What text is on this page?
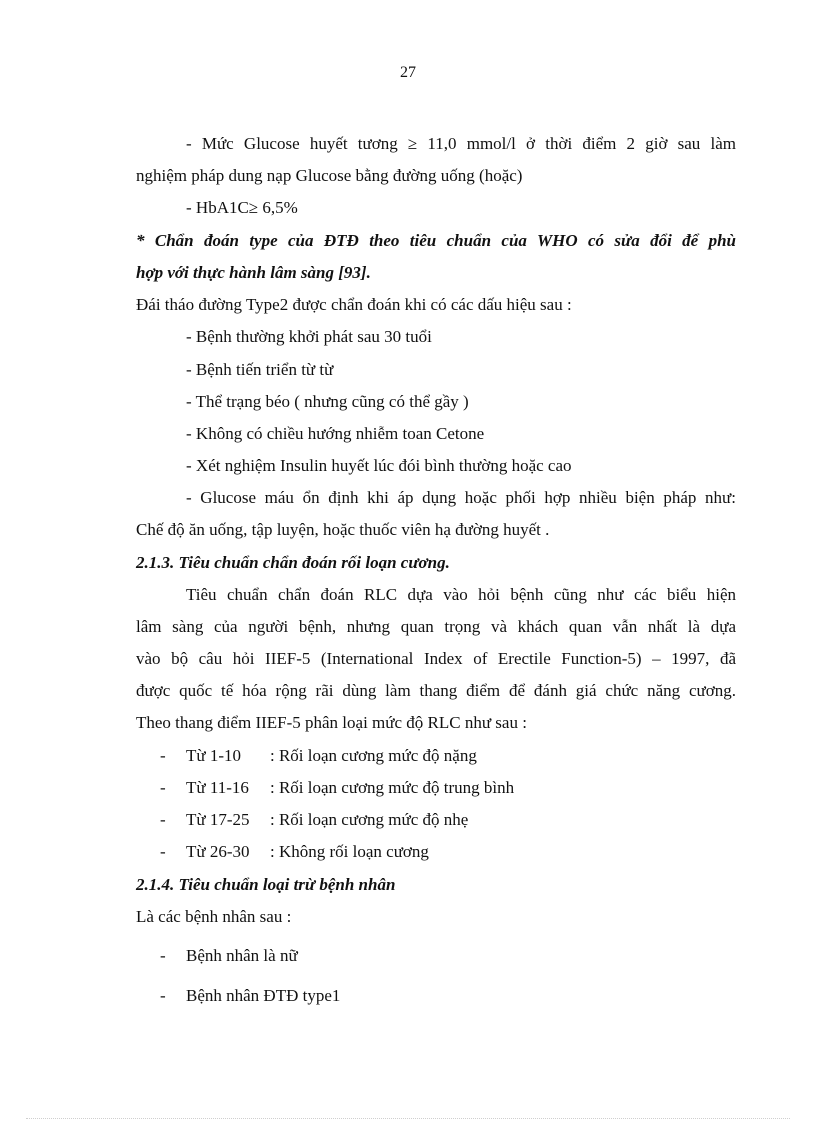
27
- Mức Glucose huyết tương ≥ 11,0 mmol/l ở thời điểm 2 giờ sau làm
nghiệm pháp dung nạp Glucose bằng đường uống (hoặc)
- HbA1C≥ 6,5%
* Chẩn đoán type của ĐTĐ theo tiêu chuẩn của WHO có sửa đổi để phù
hợp với thực hành lâm sàng [93].
Đái tháo đường Type2 được chẩn đoán khi có các dấu hiệu sau :
- Bệnh thường khởi phát sau 30 tuổi
- Bệnh tiến triển từ từ
- Thể trạng béo ( nhưng cũng có thể gầy )
- Không có chiều hướng nhiễm toan Cetone
- Xét nghiệm Insulin huyết lúc đói bình thường hoặc cao
- Glucose máu ổn định khi áp dụng hoặc phối hợp nhiều biện pháp như:
Chế độ ăn uống, tập luyện, hoặc thuốc viên hạ đường huyết .
2.1.3. Tiêu chuẩn chẩn đoán rối loạn cương.
Tiêu chuẩn chẩn đoán RLC dựa vào hỏi bệnh cũng như các biểu hiện
lâm sàng của người bệnh, nhưng quan trọng và khách quan vẫn nhất là dựa
vào bộ câu hỏi IIEF-5 (International Index of Erectile Function-5) – 1997, đã
được quốc tế hóa rộng rãi dùng làm thang điểm để đánh giá chức năng cương.
Theo thang điểm IIEF-5 phân loại mức độ RLC như sau :
- Từ 1-10 : Rối loạn cương mức độ nặng
- Từ 11-16 : Rối loạn cương mức độ trung bình
- Từ 17-25 : Rối loạn cương mức độ nhẹ
- Từ 26-30 : Không rối loạn cương
2.1.4. Tiêu chuẩn loại trừ bệnh nhân
Là các bệnh nhân sau :
- Bệnh nhân là nữ
- Bệnh nhân ĐTĐ type1
